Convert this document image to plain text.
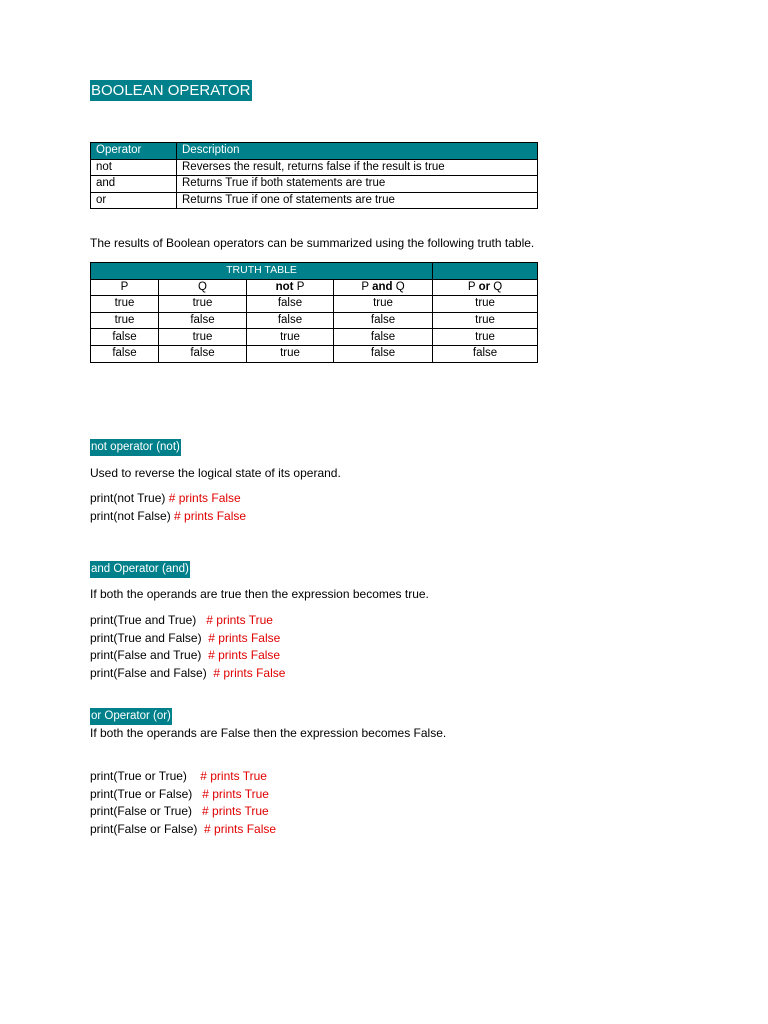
BOOLEAN OPERATOR
Operator	Description
not	Reverses the result, returns false if the result is true
and	Returns True if both statements are true
or	Returns True if one of statements are true
The results of Boolean operators can be summarized using the following truth table.
TRUTH TABLE				
P	Q	not P	P and Q	P or Q
true	true	false	true	true
true	false	false	false	true
false	true	true	false	true
false	false	true	false	false
not operator (not)
Used to reverse the logical state of its operand.
print(not True) # prints False
print(not False) # prints False
and Operator (and)
If both the operands are true then the expression becomes true.
print(True and True)   # prints True
print(True and False)  # prints False
print(False and True)  # prints False
print(False and False)  # prints False
or Operator (or)
If both the operands are False then the expression becomes False.
print(True or True)    # prints True
print(True or False)   # prints True
print(False or True)   # prints True
print(False or False)  # prints False
